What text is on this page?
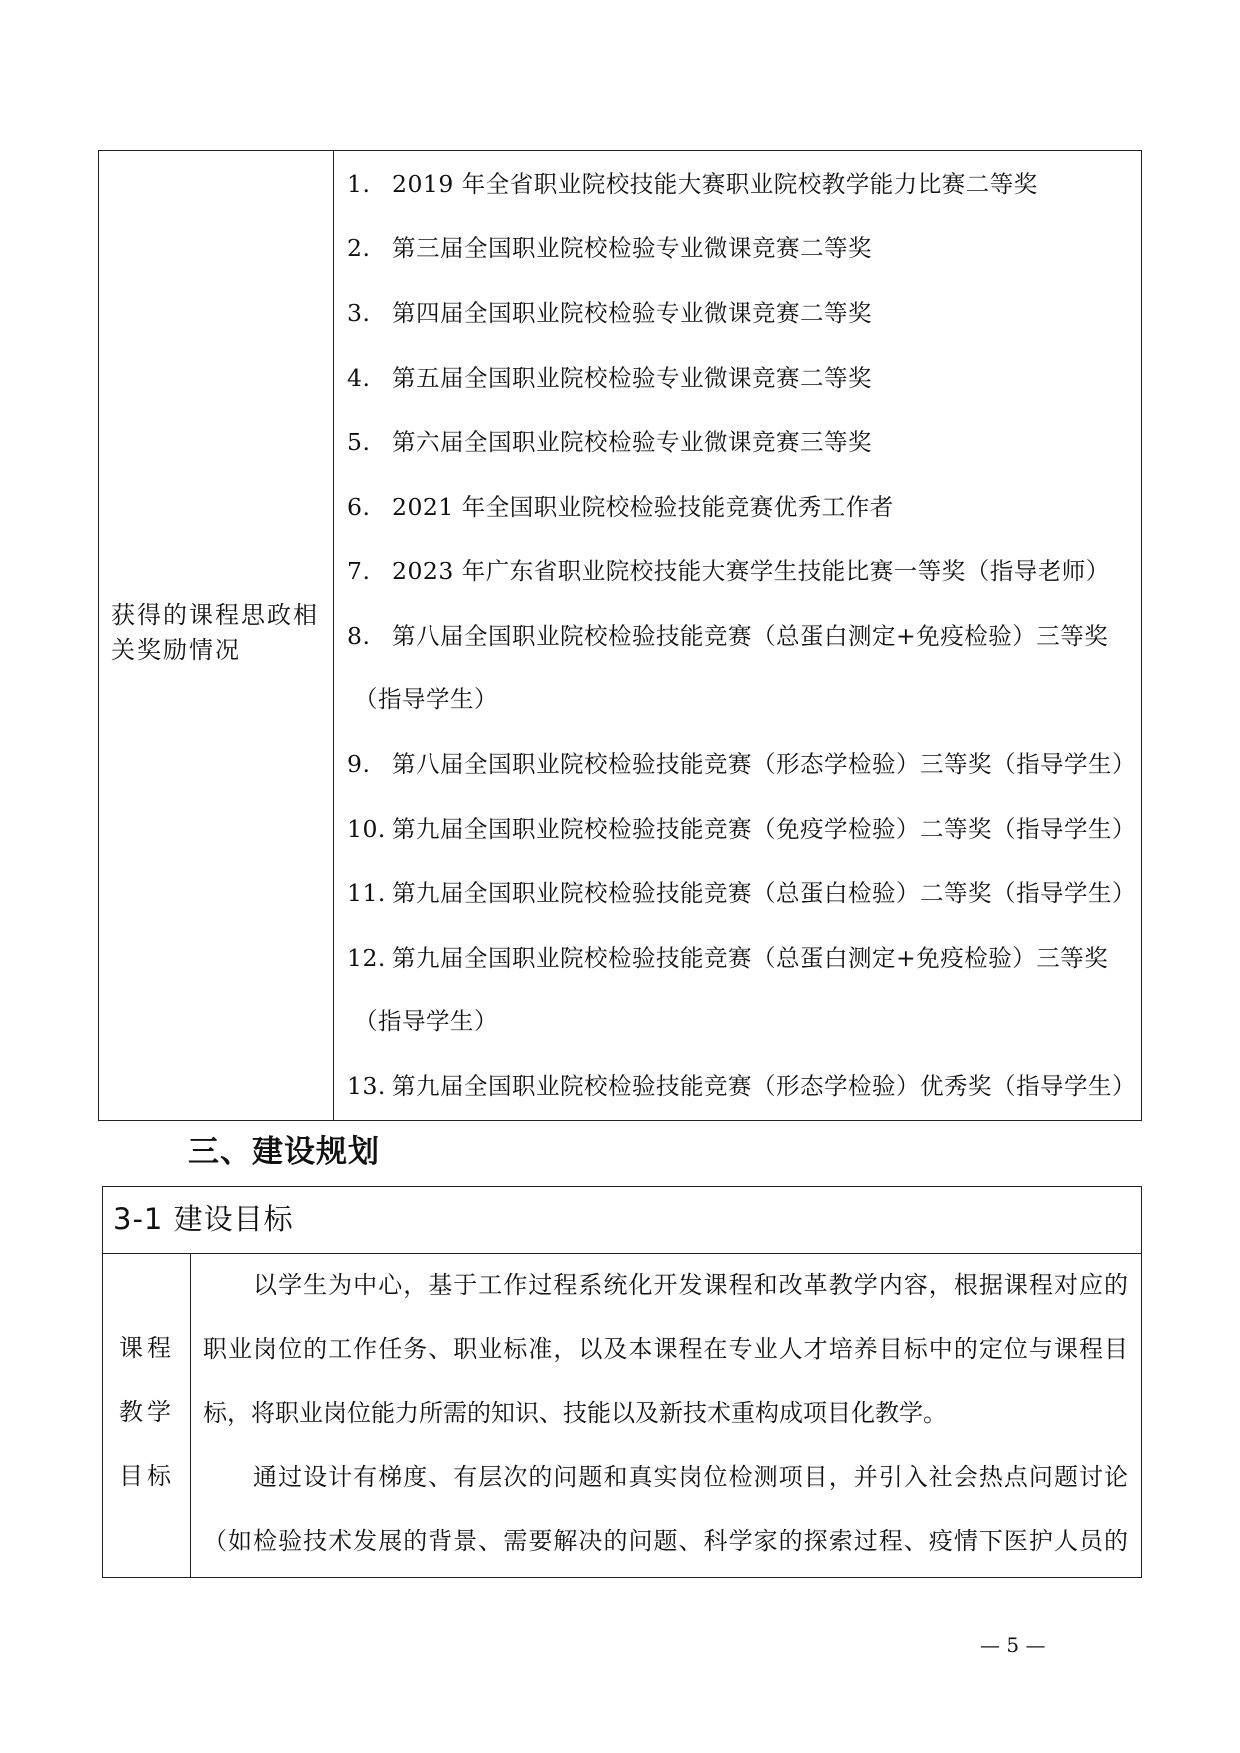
获得的课程思政相关奖励情况
1. 2019 年全省职业院校技能大赛职业院校教学能力比赛二等奖
2. 第三届全国职业院校检验专业微课竞赛二等奖
3. 第四届全国职业院校检验专业微课竞赛二等奖
4. 第五届全国职业院校检验专业微课竞赛二等奖
5. 第六届全国职业院校检验专业微课竞赛三等奖
6. 2021 年全国职业院校检验技能竞赛优秀工作者
7. 2023 年广东省职业院校技能大赛学生技能比赛一等奖（指导老师）
8. 第八届全国职业院校检验技能竞赛（总蛋白测定+免疫检验）三等奖
（指导学生）
9. 第八届全国职业院校检验技能竞赛（形态学检验）三等奖（指导学生）
10. 第九届全国职业院校检验技能竞赛（免疫学检验）二等奖（指导学生）
11. 第九届全国职业院校检验技能竞赛（总蛋白检验）二等奖（指导学生）
12. 第九届全国职业院校检验技能竞赛（总蛋白测定+免疫检验）三等奖
（指导学生）
13. 第九届全国职业院校检验技能竞赛（形态学检验）优秀奖（指导学生）
三、建设规划
3-1 建设目标
课程
教学
目标
　　以学生为中心，基于工作过程系统化开发课程和改革教学内容，根据课程对应的
职业岗位的工作任务、职业标准，以及本课程在专业人才培养目标中的定位与课程目
标，将职业岗位能力所需的知识、技能以及新技术重构成项目化教学。
　　通过设计有梯度、有层次的问题和真实岗位检测项目，并引入社会热点问题讨论
（如检验技术发展的背景、需要解决的问题、科学家的探索过程、疫情下医护人员的
— 5 —
